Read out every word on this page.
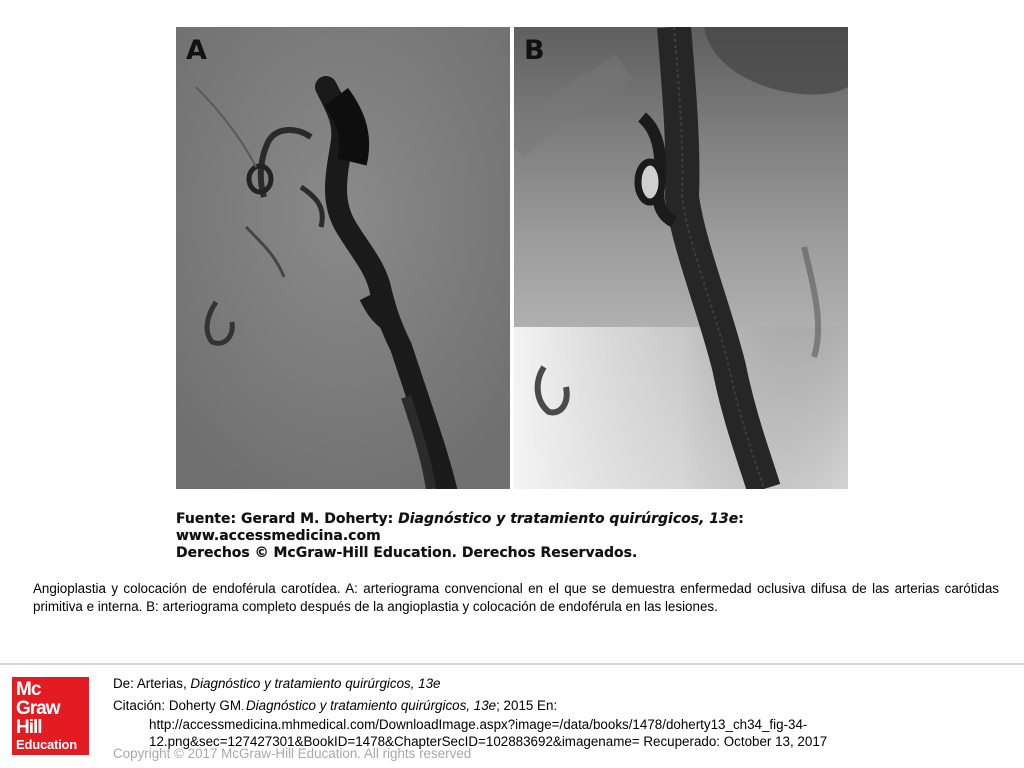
A	B
Fuente: Gerard M. Doherty: Diagnóstico y tratamiento quirúrgicos, 13e:
www.accessmedicina.com
Derechos © McGraw-Hill Education. Derechos Reservados.
Angioplastia y colocación de endoférula carotídea. A: arteriograma convencional en el que se demuestra enfermedad oclusiva difusa de las arterias carótidas primitiva e interna. B: arteriograma completo después de la angioplastia y colocación de endoférula en las lesiones.
Mc
Graw
Hill
Education
De: Arterias, Diagnóstico y tratamiento quirúrgicos, 13e
Citación: Doherty GM. Diagnóstico y tratamiento quirúrgicos, 13e; 2015 En:
http://accessmedicina.mhmedical.com/DownloadImage.aspx?image=/data/books/1478/doherty13_ch34_fig-34-12.png&sec=127427301&BookID=1478&ChapterSecID=102883692&imagename= Recuperado: October 13, 2017
Copyright © 2017 McGraw-Hill Education. All rights reserved
